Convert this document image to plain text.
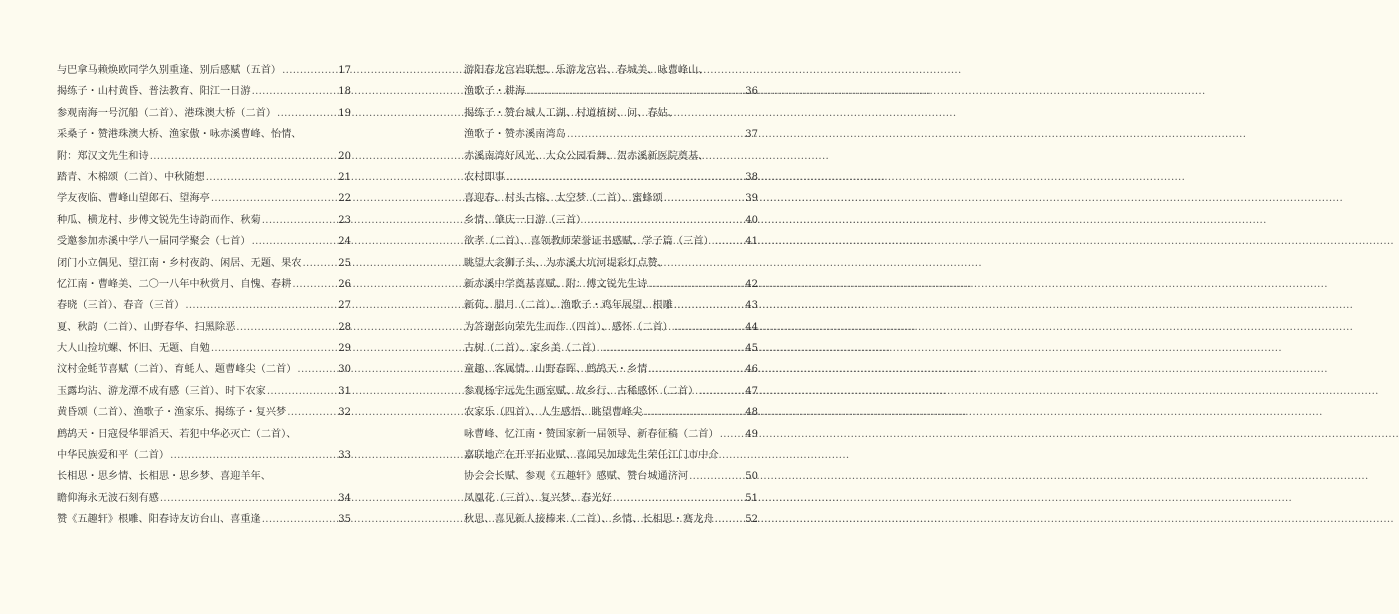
与巴拿马赖焕欧同学久别重逢、别后感赋（五首） .....	17
揭练子・山村黄昏、普法教育、阳江一日游 .....	18
参观南海一号沉船（二首）、港珠澳大桥（二首） .....	19
采桑子・赞港珠澳大桥、渔家傲・咏赤溪曹峰、怡情、
附：郑汉文先生和诗 .....	20
踏青、木棉颂（二首）、中秋随想 .....	21
学友夜临、曹峰山望郎石、望海亭 .....	22
种瓜、横龙村、步傅文锐先生诗韵而作、秋菊 .....	23
受邀参加赤溪中学八一届同学聚会（七首） .....	24
闭门小立偶见、望江南・乡村夜韵、闲居、无题、果农 .....	25
忆江南・曹峰美、二〇一八年中秋赏月、自愧、春耕 .....	26
春晓（三首）、春音（三首） .....	27
夏、秋韵（二首）、山野春华、扫黑除恶 .....	28
大人山捡坑螺、怀旧、无题、自勉 .....	29
汶村金蚝节喜赋（二首）、育蚝人、题曹峰尖（二首） .....	30
玉露均沾、游龙潭不成有感（三首）、时下农家 .....	31
黄昏颂（二首）、渔歌子・渔家乐、揭练子・复兴梦 .....	32
鹧鸪天・日寇侵华罪滔天、若犯中华必灭亡（二首）、
中华民族爱和平（二首） .....	33
长相思・思乡情、长相思・思乡梦、喜迎羊年、
瞻仰海永无波石刻有感 .....	34
赞《五趣轩》根雕、阳春诗友访台山、喜重逢 .....	35
游阳春龙宫岩联想、乐游龙宫岩、春城美、咏曹峰山、
渔歌子・耕海 .....	36
揭练子・赞台城人工湖、村道植树、问、春姑、
渔歌子・赞赤溪南湾岛 .....	37
赤溪南湾好风光、大众公园看舞、贺赤溪新医院奠基、
农村即事 .....	38
喜迎春、村头古榕、太空梦（二首）、蜜蜂颂 .....	39
乡情、肇庆一日游（三首） .....	40
欲孝（二首）、喜领教师荣誉证书感赋、学子篇（三首） .....	41
眺望大衾狮子头、为赤溪大坑河堤彩灯点赞、
新赤溪中学奠基喜赋、附：傅文锐先生诗 .....	42
新荷、腊月（二首）、渔歌子・鸡年展望、根雕 .....	43
为答谢彭向荣先生而作（四首）、感怀（二首） .....	44
古树（二首）、家乡美（二首） .....	45
童趣、客属情、山野春晖、鹧鸪天・乡情 .....	46
参观杨宇远先生画室赋、故乡行、古稀感怀（二首） .....	47
农家乐（四首）、人生感悟、眺望曹峰尖 .....	48
咏曹峰、忆江南・赞国家新一届领导、新春征稿（二首） .....	49
嘉联地产在开平拓业赋、喜闻吴加球先生荣任江门市中介
协会会长赋、参观《五趣轩》感赋、赞台城通济河 .....	50
凤凰花（三首）、复兴梦、春光好 .....	51
秋思、喜见新人接棒来（二首）、乡情、长相思・赛龙舟 .....	52
